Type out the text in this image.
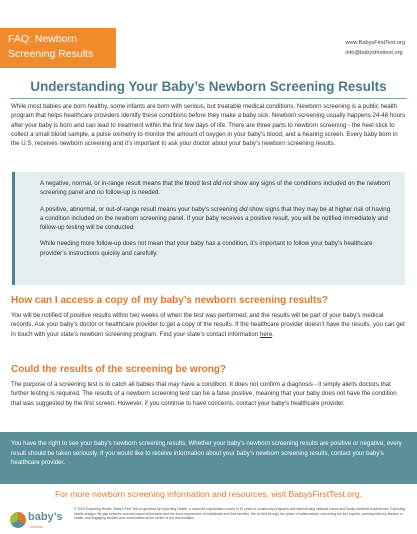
FAQ: Newborn
Screening Results
www.BabysFirstTest.org
info@babysfirsttest.org
Understanding Your Baby’s Newborn Screening Results
While most babies are born healthy, some infants are born with serious, but treatable medical conditions. Newborn screening is a public health program that helps healthcare providers identify these conditions before they make a baby sick. Newborn screening usually happens 24-48 hours after your baby is born and can lead to treatment within the first few days of life. There are three parts to newborn screening - the heel stick to collect a small blood sample, a pulse oximetry to monitor the amount of oxygen in your baby’s blood, and a hearing screen. Every baby born in the U.S. receives newborn screening and it’s important to ask your doctor about your baby’s newborn screening results.

A negative, normal, or in-range result means that the blood test did not show any signs of the conditions included on the newborn screening panel and no follow-up is needed.

A positive, abnormal, or out-of-range result means your baby’s screening did show signs that they may be at higher risk of having a condition included on the newborn screening panel. If your baby receives a positive result, you will be notified immediately and follow-up testing will be conducted.

While needing more follow-up does not mean that your baby has a condition, it’s important to follow your baby’s healthcare provider’s instructions quickly and carefully.

How can I access a copy of my baby’s newborn screening results?
You will be notified of positive results within two weeks of when the test was performed, and the results will be part of your baby’s medical records. Ask your baby’s doctor or healthcare provider to get a copy of the results. If the healthcare provider doesn’t have the results, you can get in touch with your state’s newborn screening program. Find your state’s contact information here.
Could the results of the screening be wrong?
The purpose of a screening test is to catch all babies that may have a condition. It does not confirm a diagnosis - it simply alerts doctors that further testing is required. The results of a newborn screening test can be a false positive, meaning that your baby does not have the condition that was suggested by the first screen. However, if you continue to have concerns, contact your baby’s healthcare provider.
You have the right to see your baby’s newborn screening results. Whether your baby’s newborn screening results are positive or negative, every result should be taken seriously. If you would like to receive information about your baby’s newborn screening results, contact your baby’s healthcare provider.
For more newborn screening information and resources, visit BabysFirstTest.org.
baby’s
first test
© 2020 Expecting Health. Baby’s First Test is operated by Expecting Health, a nonprofit organization rooted in 33 years of community programs and representing national voices and family-centered experiences. Expecting Health bridges the gap between science-based information and the lived experiences of individuals and their families. We do this through the power of relationships, convening the key experts; working with key leaders in health; and engaging families and communities at the center of the conversation.
